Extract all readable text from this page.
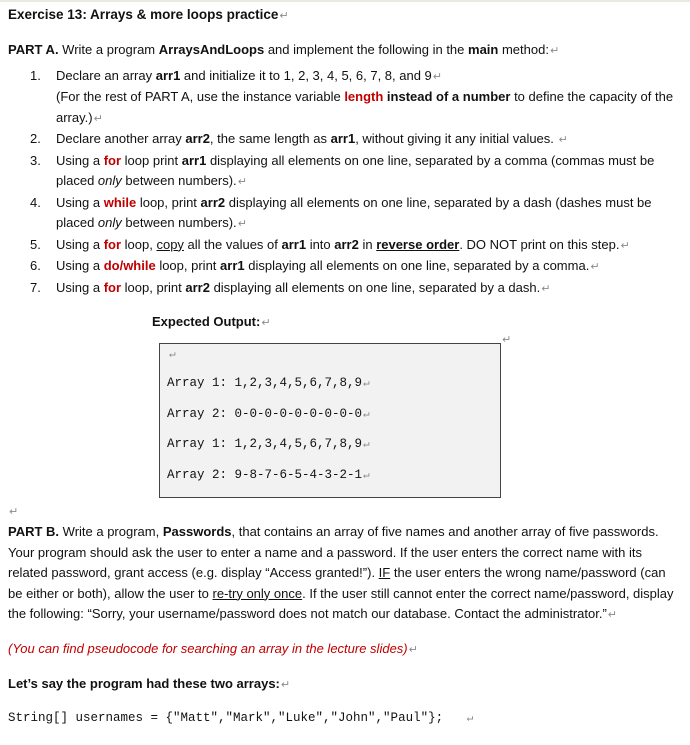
Exercise 13: Arrays & more loops practice↵

PART A. Write a program ArraysAndLoops and implement the following in the main method:↵

1. Declare an array arr1 and initialize it to 1, 2, 3, 4, 5, 6, 7, 8, and 9↵
(For the rest of PART A, use the instance variable length instead of a number to define the capacity of the array.)↵
2. Declare another array arr2, the same length as arr1, without giving it any initial values. ↵
3. Using a for loop print arr1 displaying all elements on one line, separated by a comma (commas must be placed only between numbers).↵
4. Using a while loop, print arr2 displaying all elements on one line, separated by a dash (dashes must be placed only between numbers).↵
5. Using a for loop, copy all the values of arr1 into arr2 in reverse order. DO NOT print on this step.↵
6. Using a do/while loop, print arr1 displaying all elements on one line, separated by a comma.↵
7. Using a for loop, print arr2 displaying all elements on one line, separated by a dash.↵
Expected Output:↵
↵
Array 1: 1,2,3,4,5,6,7,8,9↵
Array 2: 0-0-0-0-0-0-0-0-0↵
Array 1: 1,2,3,4,5,6,7,8,9↵
Array 2: 9-8-7-6-5-4-3-2-1↵
↵

PART B. Write a program, Passwords, that contains an array of five names and another array of five passwords. Your program should ask the user to enter a name and a password. If the user enters the correct name with its related password, grant access (e.g. display “Access granted!”). IF the user enters the wrong name/password (can be either or both), allow the user to re-try only once. If the user still cannot enter the correct name/password, display the following: “Sorry, your username/password does not match our database. Contact the administrator.”↵

(You can find pseudocode for searching an array in the lecture slides)↵

Let’s say the program had these two arrays:↵

String[] usernames = {"Matt","Mark","Luke","John","Paul"}; ↵
↵
